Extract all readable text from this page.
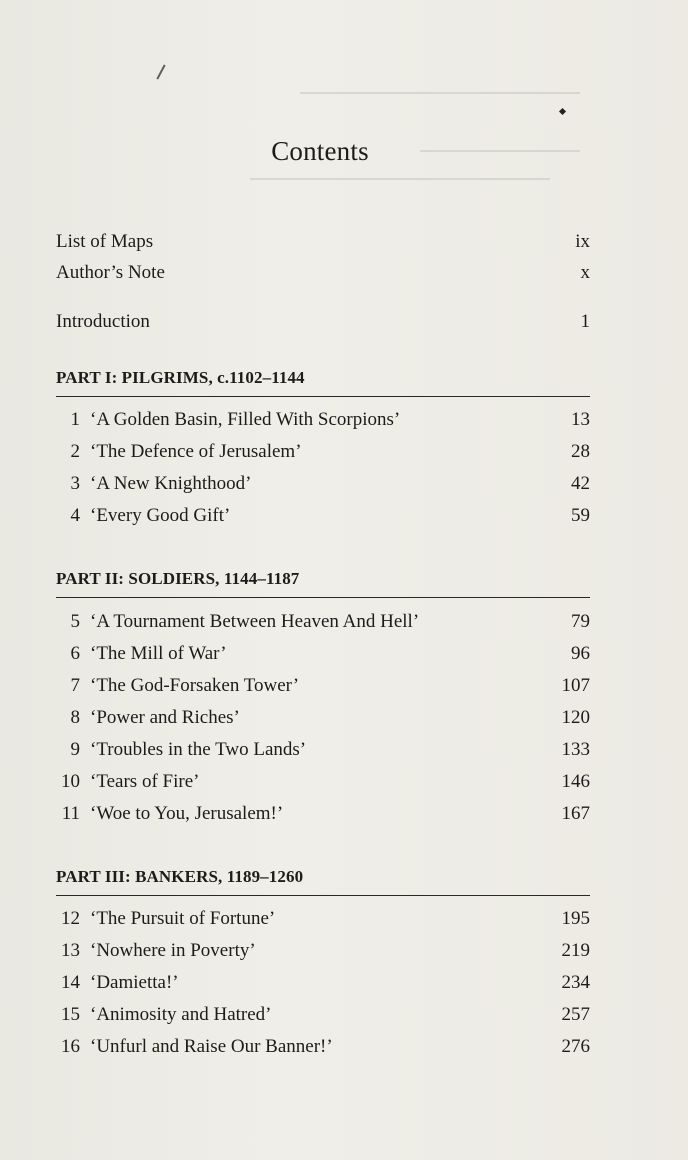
Contents
List of Maps	ix
Author’s Note	x
Introduction	1
PART I: PILGRIMS, c.1102–1144
1 ‘A Golden Basin, Filled With Scorpions’	13
2 ‘The Defence of Jerusalem’	28
3 ‘A New Knighthood’	42
4 ‘Every Good Gift’	59
PART II: SOLDIERS, 1144–1187
5 ‘A Tournament Between Heaven And Hell’	79
6 ‘The Mill of War’	96
7 ‘The God-Forsaken Tower’	107
8 ‘Power and Riches’	120
9 ‘Troubles in the Two Lands’	133
10 ‘Tears of Fire’	146
11 ‘Woe to You, Jerusalem!’	167
PART III: BANKERS, 1189–1260
12 ‘The Pursuit of Fortune’	195
13 ‘Nowhere in Poverty’	219
14 ‘Damietta!’	234
15 ‘Animosity and Hatred’	257
16 ‘Unfurl and Raise Our Banner!’	276
